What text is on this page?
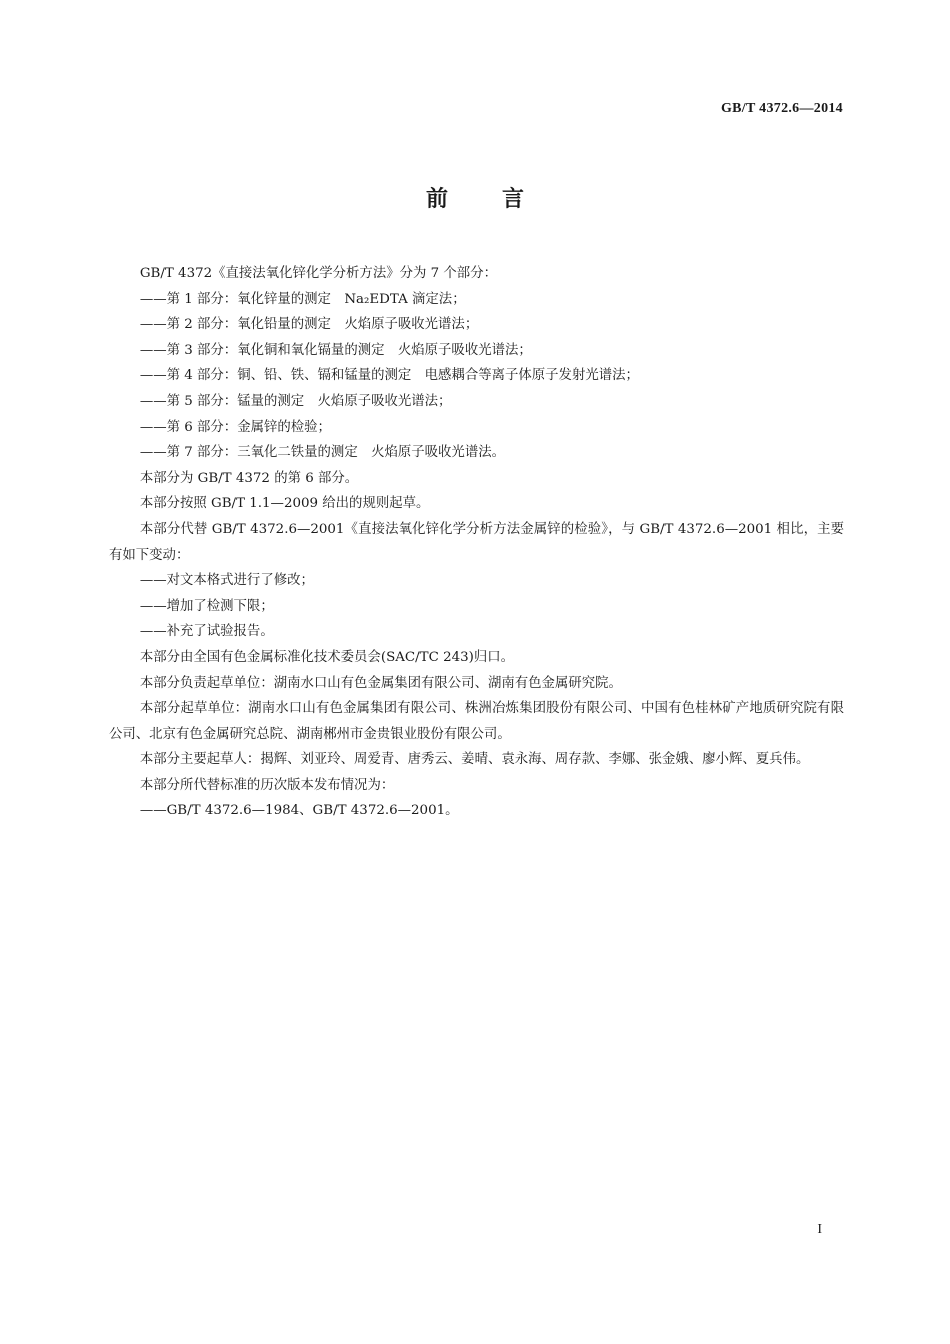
GB/T 4372.6—2014
前言

GB/T 4372《直接法氧化锌化学分析方法》分为 7 个部分：

——第 1 部分：氧化锌量的测定　Na₂EDTA 滴定法；

——第 2 部分：氧化铅量的测定　火焰原子吸收光谱法；

——第 3 部分：氧化铜和氧化镉量的测定　火焰原子吸收光谱法；

——第 4 部分：铜、铅、铁、镉和锰量的测定　电感耦合等离子体原子发射光谱法；

——第 5 部分：锰量的测定　火焰原子吸收光谱法；

——第 6 部分：金属锌的检验；

——第 7 部分：三氧化二铁量的测定　火焰原子吸收光谱法。

本部分为 GB/T 4372 的第 6 部分。

本部分按照 GB/T 1.1—2009 给出的规则起草。

本部分代替 GB/T 4372.6—2001《直接法氧化锌化学分析方法金属锌的检验》，与 GB/T 4372.6—2001 相比，主要有如下变动：

——对文本格式进行了修改；

——增加了检测下限；

——补充了试验报告。

本部分由全国有色金属标准化技术委员会(SAC/TC 243)归口。

本部分负责起草单位：湖南水口山有色金属集团有限公司、湖南有色金属研究院。

本部分起草单位：湖南水口山有色金属集团有限公司、株洲冶炼集团股份有限公司、中国有色桂林矿产地质研究院有限公司、北京有色金属研究总院、湖南郴州市金贵银业股份有限公司。

本部分主要起草人：揭辉、刘亚玲、周爱青、唐秀云、姜晴、袁永海、周存款、李娜、张金娥、廖小辉、夏兵伟。

本部分所代替标准的历次版本发布情况为：

——GB/T 4372.6—1984、GB/T 4372.6—2001。

I
